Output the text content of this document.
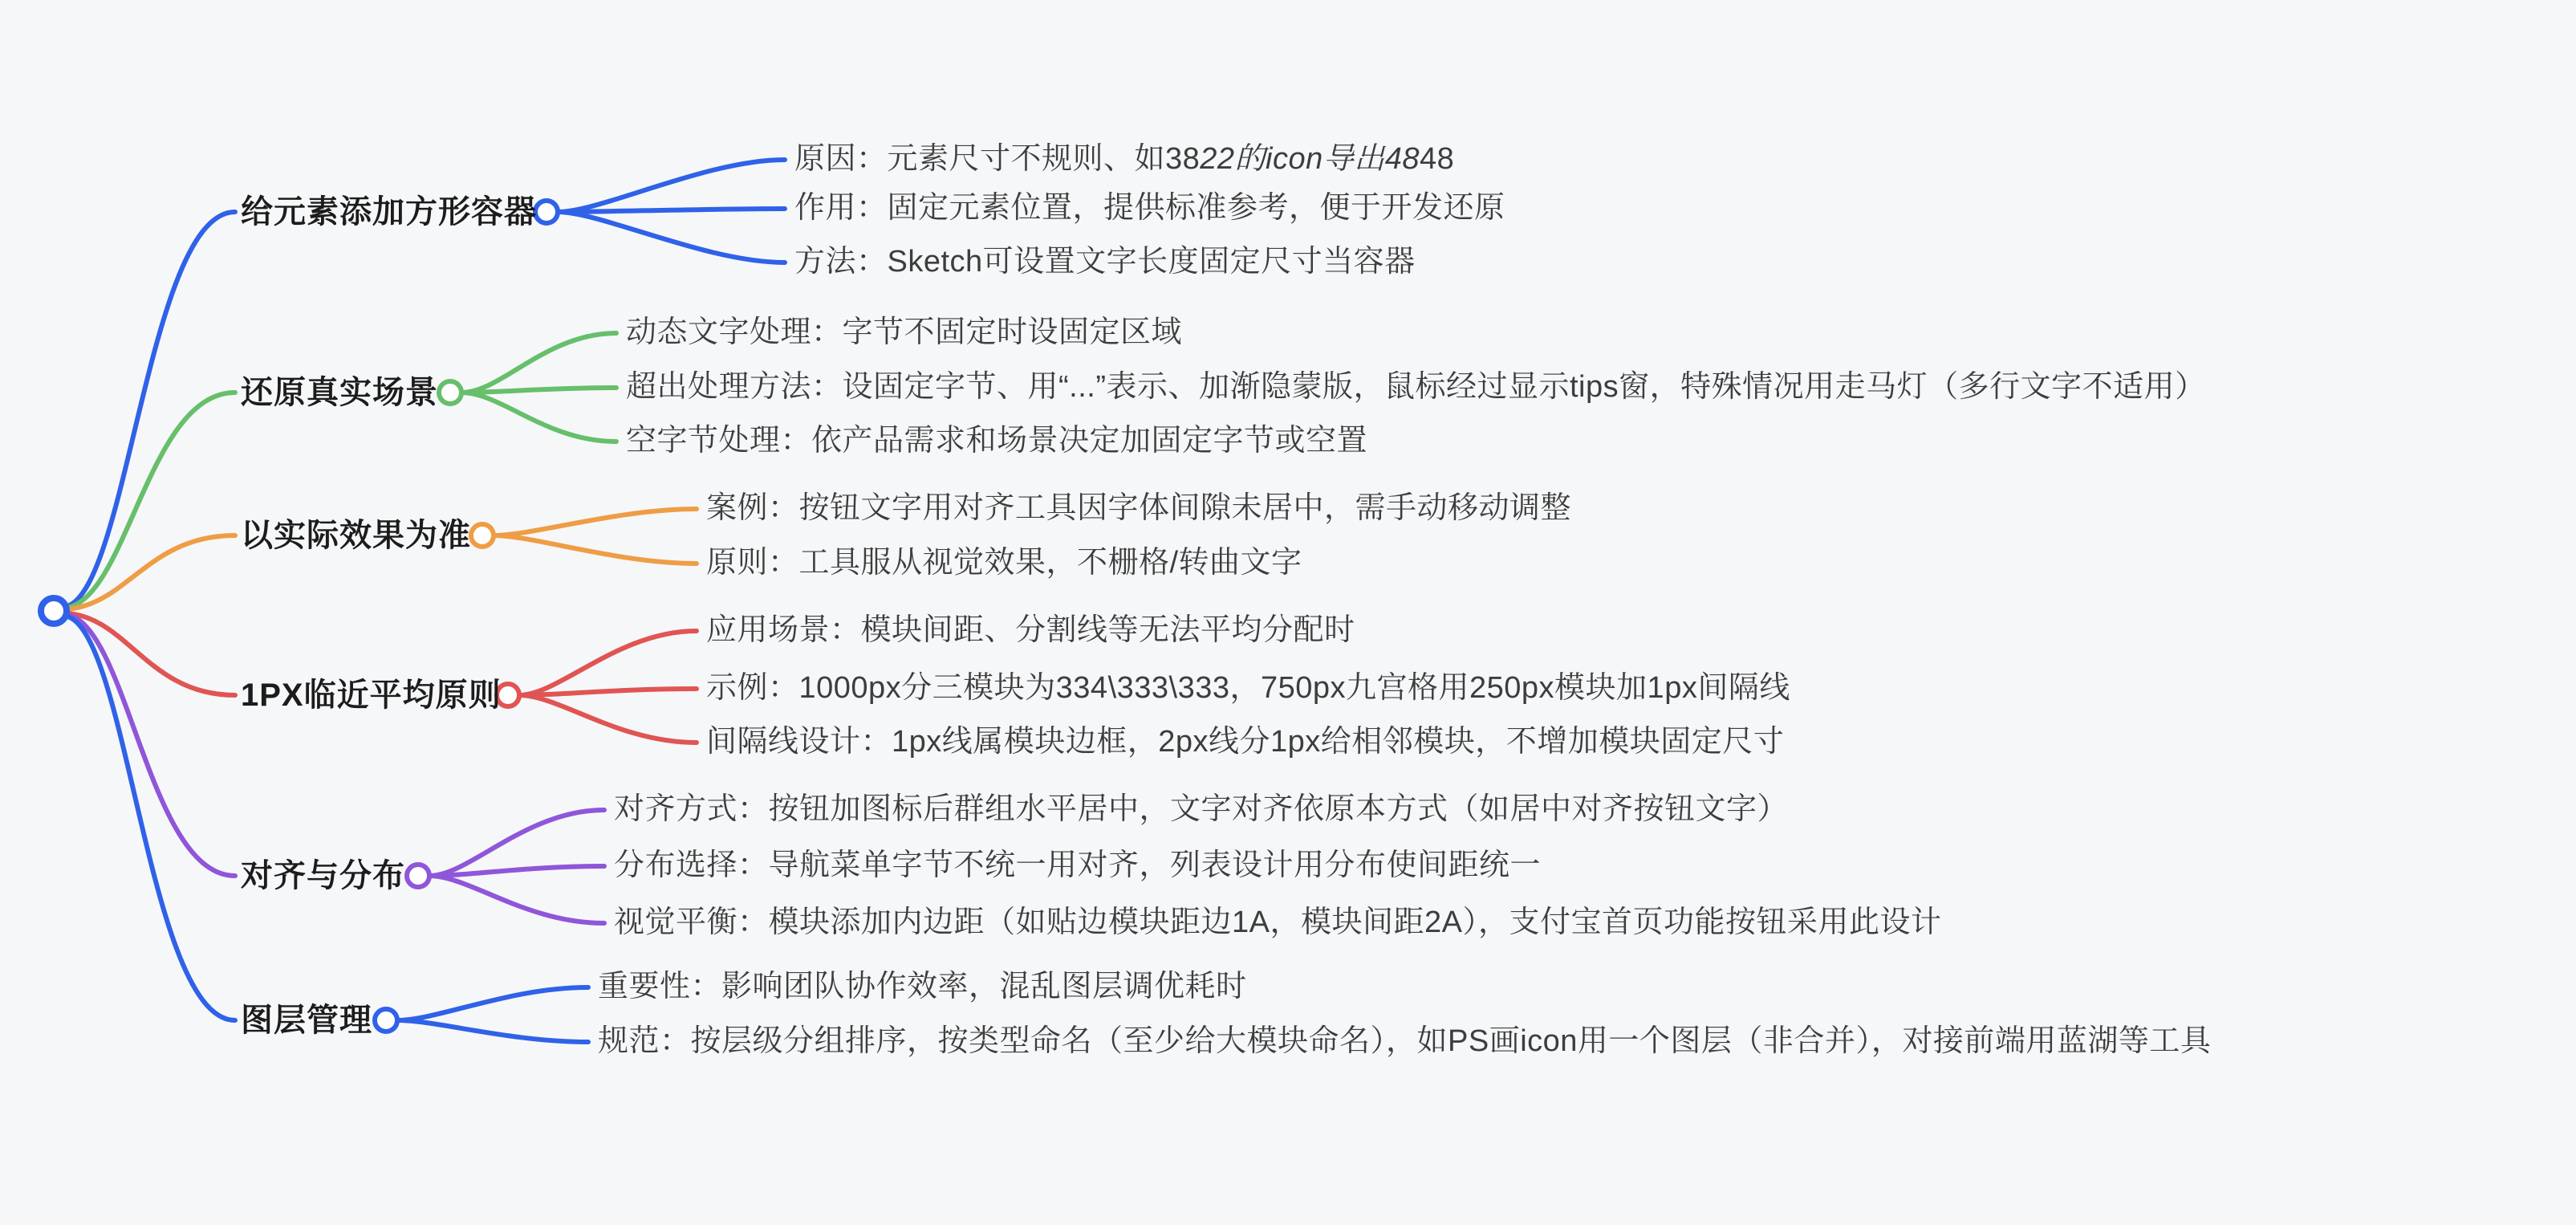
给元素添加方形容器
原因：元素尺寸不规则、如3822的icon导出4848
作用：固定元素位置，提供标准参考，便于开发还原
方法：Sketch可设置文字长度固定尺寸当容器
还原真实场景
动态文字处理：字节不固定时设固定区域
超出处理方法：设固定字节、用“...”表示、加渐隐蒙版，鼠标经过显示tips窗，特殊情况用走马灯（多行文字不适用）
空字节处理：依产品需求和场景决定加固定字节或空置
以实际效果为准
案例：按钮文字用对齐工具因字体间隙未居中，需手动移动调整
原则：工具服从视觉效果，不栅格/转曲文字
1PX临近平均原则
应用场景：模块间距、分割线等无法平均分配时
示例：1000px分三模块为334\333\333，750px九宫格用250px模块加1px间隔线
间隔线设计：1px线属模块边框，2px线分1px给相邻模块，不增加模块固定尺寸
对齐与分布
对齐方式：按钮加图标后群组水平居中，文字对齐依原本方式（如居中对齐按钮文字）
分布选择：导航菜单字节不统一用对齐，列表设计用分布使间距统一
视觉平衡：模块添加内边距（如贴边模块距边1A，模块间距2A），支付宝首页功能按钮采用此设计
图层管理
重要性：影响团队协作效率，混乱图层调优耗时
规范：按层级分组排序，按类型命名（至少给大模块命名），如PS画icon用一个图层（非合并），对接前端用蓝湖等工具
